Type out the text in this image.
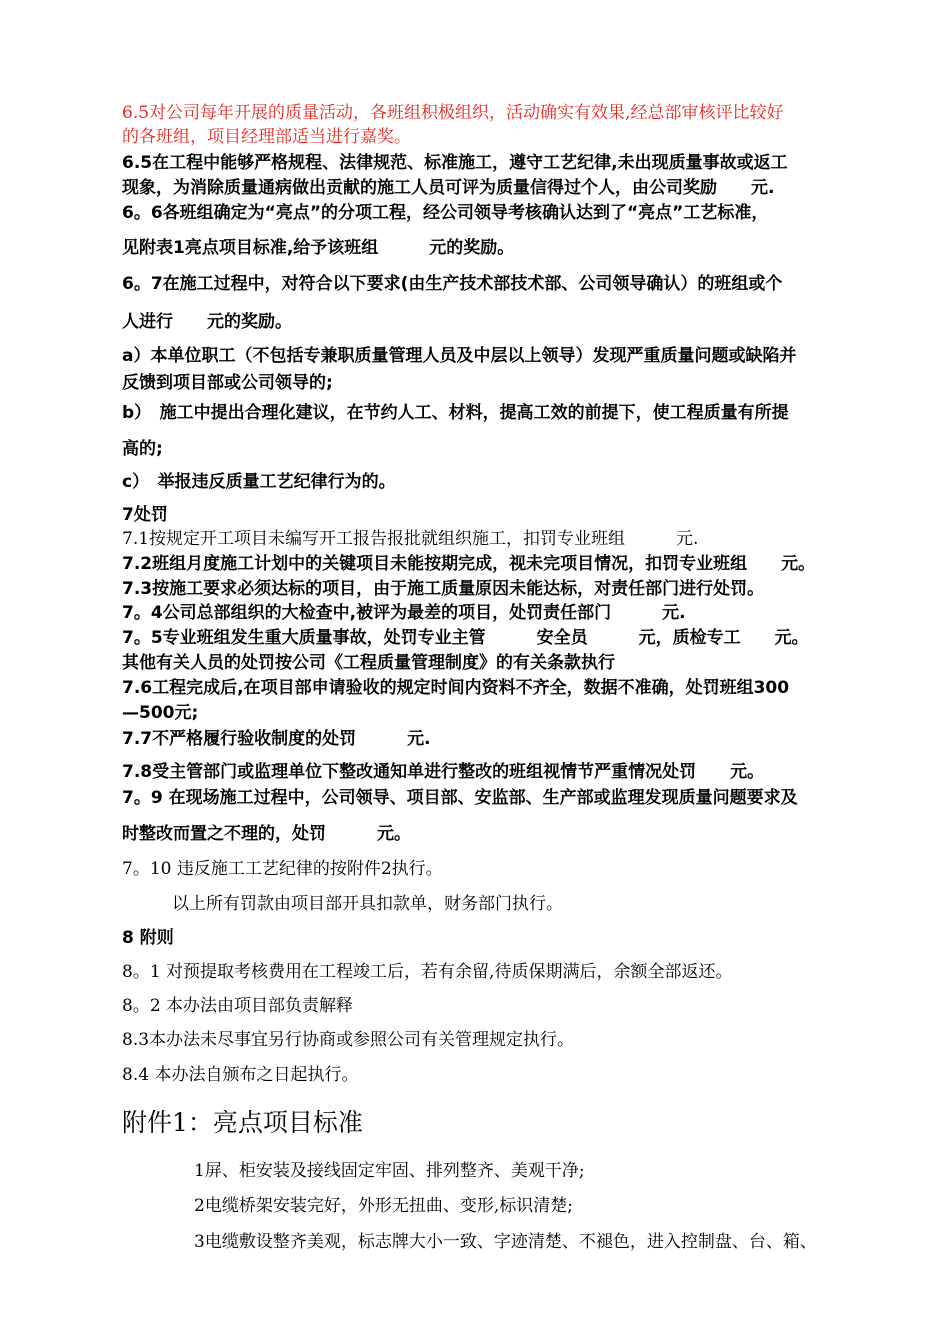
6.5对公司每年开展的质量活动，各班组积极组织，活动确实有效果,经总部审核评比较好
的各班组，项目经理部适当进行嘉奖。
6.5在工程中能够严格规程、法律规范、标准施工，遵守工艺纪律,未出现质量事故或返工
现象，为消除质量通病做出贡献的施工人员可评为质量信得过个人，由公司奖励　　元.
6。6各班组确定为“亮点”的分项工程，经公司领导考核确认达到了“亮点”工艺标准，
见附表1亮点项目标准,给予该班组　　　元的奖励。
6。7在施工过程中，对符合以下要求(由生产技术部技术部、公司领导确认）的班组或个
人进行　　元的奖励。
a）本单位职工（不包括专兼职质量管理人员及中层以上领导）发现严重质量问题或缺陷并
反馈到项目部或公司领导的;
b）　施工中提出合理化建议，在节约人工、材料，提高工效的前提下，使工程质量有所提
高的;
c）　举报违反质量工艺纪律行为的。
7处罚
7.1按规定开工项目未编写开工报告报批就组织施工，扣罚专业班组　　　元.
7.2班组月度施工计划中的关键项目未能按期完成，视未完项目情况，扣罚专业班组　　元。
7.3按施工要求必须达标的项目，由于施工质量原因未能达标，对责任部门进行处罚。
7。4公司总部组织的大检查中,被评为最差的项目，处罚责任部门　　　元.
7。5专业班组发生重大质量事故，处罚专业主管　　　安全员　　　元，质检专工　　元。
其他有关人员的处罚按公司《工程质量管理制度》的有关条款执行
7.6工程完成后,在项目部申请验收的规定时间内资料不齐全，数据不准确，处罚班组300
—500元;
7.7不严格履行验收制度的处罚　　　元.
7.8受主管部门或监理单位下整改通知单进行整改的班组视情节严重情况处罚　　元。
7。9 在现场施工过程中，公司领导、项目部、安监部、生产部或监理发现质量问题要求及
时整改而置之不理的，处罚　　　元。
7。10 违反施工工艺纪律的按附件2执行。
以上所有罚款由项目部开具扣款单，财务部门执行。
8 附则
8。1 对预提取考核费用在工程竣工后，若有余留,待质保期满后，余额全部返还。
8。2 本办法由项目部负责解释
8.3本办法未尽事宜另行协商或参照公司有关管理规定执行。
8.4 本办法自颁布之日起执行。
附件1：亮点项目标准
1屏、柜安装及接线固定牢固、排列整齐、美观干净;
2电缆桥架安装完好，外形无扭曲、变形,标识清楚;
3电缆敷设整齐美观，标志牌大小一致、字迹清楚、不褪色，进入控制盘、台、箱、
